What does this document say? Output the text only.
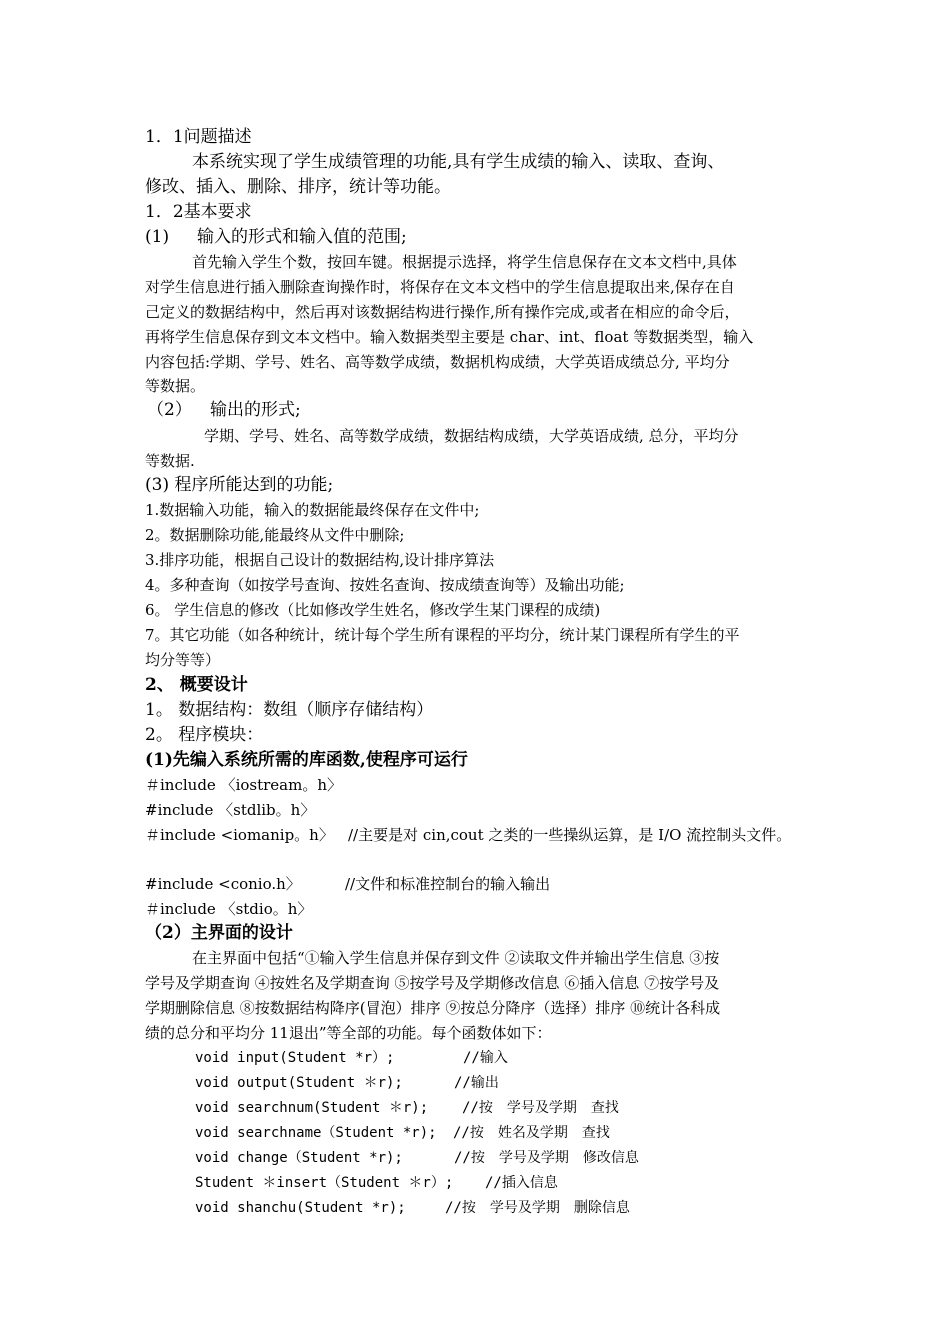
1．1问题描述
本系统实现了学生成绩管理的功能,具有学生成绩的输入、读取、查询、
修改、插入、删除、排序，统计等功能。
1．2基本要求
(1) 输入的形式和输入值的范围;
首先输入学生个数，按回车键。根据提示选择，将学生信息保存在文本文档中,具体
对学生信息进行插入删除查询操作时，将保存在文本文档中的学生信息提取出来,保存在自
己定义的数据结构中，然后再对该数据结构进行操作,所有操作完成,或者在相应的命令后，
再将学生信息保存到文本文档中。输入数据类型主要是 char、int、float 等数据类型，输入
内容包括:学期、学号、姓名、高等数学成绩，数据机构成绩，大学英语成绩总分, 平均分
等数据。
（2） 输出的形式;
学期、学号、姓名、高等数学成绩，数据结构成绩，大学英语成绩, 总分，平均分
等数据.
(3) 程序所能达到的功能;
1.数据输入功能，输入的数据能最终保存在文件中;
2。数据删除功能,能最终从文件中删除;
3.排序功能，根据自己设计的数据结构,设计排序算法
4。多种查询（如按学号查询、按姓名查询、按成绩查询等）及输出功能;
6。 学生信息的修改（比如修改学生姓名，修改学生某门课程的成绩)
7。其它功能（如各种统计，统计每个学生所有课程的平均分，统计某门课程所有学生的平
均分等等）
2、 概要设计
1。 数据结构：数组（顺序存储结构）
2。 程序模块：
(1)先编入系统所需的库函数,使程序可运行
＃include 〈iostream。h〉
#include 〈stdlib。h〉
＃include <iomanip。h〉 //主要是对 cin,cout 之类的一些操纵运算，是 I/O 流控制头文件。
#include <conio.h〉	//文件和标准控制台的输入输出
＃include 〈stdio。h〉
（2）主界面的设计
在主界面中包括“①输入学生信息并保存到文件 ②读取文件并输出学生信息 ③按
学号及学期查询 ④按姓名及学期查询 ⑤按学号及学期修改信息 ⑥插入信息 ⑦按学号及
学期删除信息 ⑧按数据结构降序(冒泡）排序 ⑨按总分降序（选择）排序 ⑩统计各科成
绩的总分和平均分 11退出”等全部的功能。每个函数体如下：
void input(Student *r）;	//输入
void output(Student ＊r);	//输出
void searchnum(Student ＊r); //按　学号及学期　查找
void searchname（Student *r); //按　姓名及学期　查找
void change（Student *r);	//按　学号及学期　修改信息
Student ＊insert（Student ＊r）; //插入信息
void shanchu(Student *r);	//按　学号及学期　删除信息
